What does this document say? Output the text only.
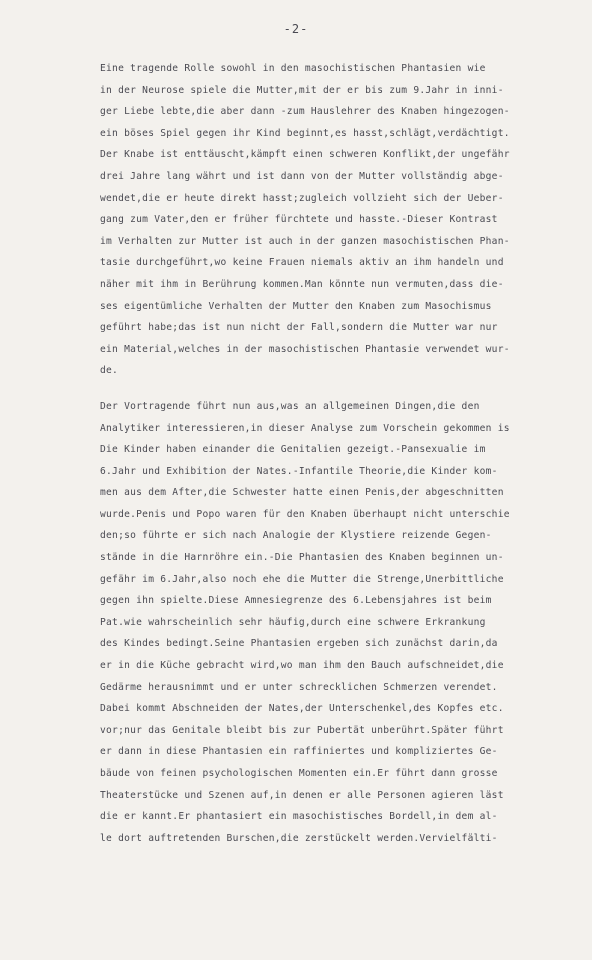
-2-
Eine tragende Rolle sowohl in den masochistischen Phantasien wie
in der Neurose spiele die Mutter,mit der er bis zum 9.Jahr in inni-
ger Liebe lebte,die aber dann -zum Hauslehrer des Knaben hingezogen-
ein böses Spiel gegen ihr Kind beginnt,es hasst,schlägt,verdächtigt.
Der Knabe ist enttäuscht,kämpft einen schweren Konflikt,der ungefähr
drei Jahre lang währt und ist dann von der Mutter vollständig abge-
wendet,die er heute direkt hasst;zugleich vollzieht sich der Ueber-
gang zum Vater,den er früher fürchtete und hasste.-Dieser Kontrast
im Verhalten zur Mutter ist auch in der ganzen masochistischen Phan-
tasie durchgeführt,wo keine Frauen niemals aktiv an ihm handeln und
näher mit ihm in Berührung kommen.Man könnte nun vermuten,dass die-
ses eigentümliche Verhalten der Mutter den Knaben zum Masochismus
geführt habe;das ist nun nicht der Fall,sondern die Mutter war nur
ein Material,welches in der masochistischen Phantasie verwendet wur-
de.
Der Vortragende führt nun aus,was an allgemeinen Dingen,die den
Analytiker interessieren,in dieser Analyse zum Vorschein gekommen is
Die Kinder haben einander die Genitalien gezeigt.-Pansexualie im
6.Jahr und Exhibition der Nates.-Infantile Theorie,die Kinder kom-
men aus dem After,die Schwester hatte einen Penis,der abgeschnitten
wurde.Penis und Popo waren für den Knaben überhaupt nicht unterschie
den;so führte er sich nach Analogie der Klystiere reizende Gegen-
stände in die Harnröhre ein.-Die Phantasien des Knaben beginnen un-
gefähr im 6.Jahr,also noch ehe die Mutter die Strenge,Unerbittliche
gegen ihn spielte.Diese Amnesiegrenze des 6.Lebensjahres ist beim
Pat.wie wahrscheinlich sehr häufig,durch eine schwere Erkrankung
des Kindes bedingt.Seine Phantasien ergeben sich zunächst darin,da
er in die Küche gebracht wird,wo man ihm den Bauch aufschneidet,die
Gedärme herausnimmt und er unter schrecklichen Schmerzen verendet.
Dabei kommt Abschneiden der Nates,der Unterschenkel,des Kopfes etc.
vor;nur das Genitale bleibt bis zur Pubertät unberührt.Später führt
er dann in diese Phantasien ein raffiniertes und kompliziertes Ge-
bäude von feinen psychologischen Momenten ein.Er führt dann grosse
Theaterstücke und Szenen auf,in denen er alle Personen agieren läst
die er kannt.Er phantasiert ein masochistisches Bordell,in dem al-
le dort auftretenden Burschen,die zerstückelt werden.Vervielfälti-
